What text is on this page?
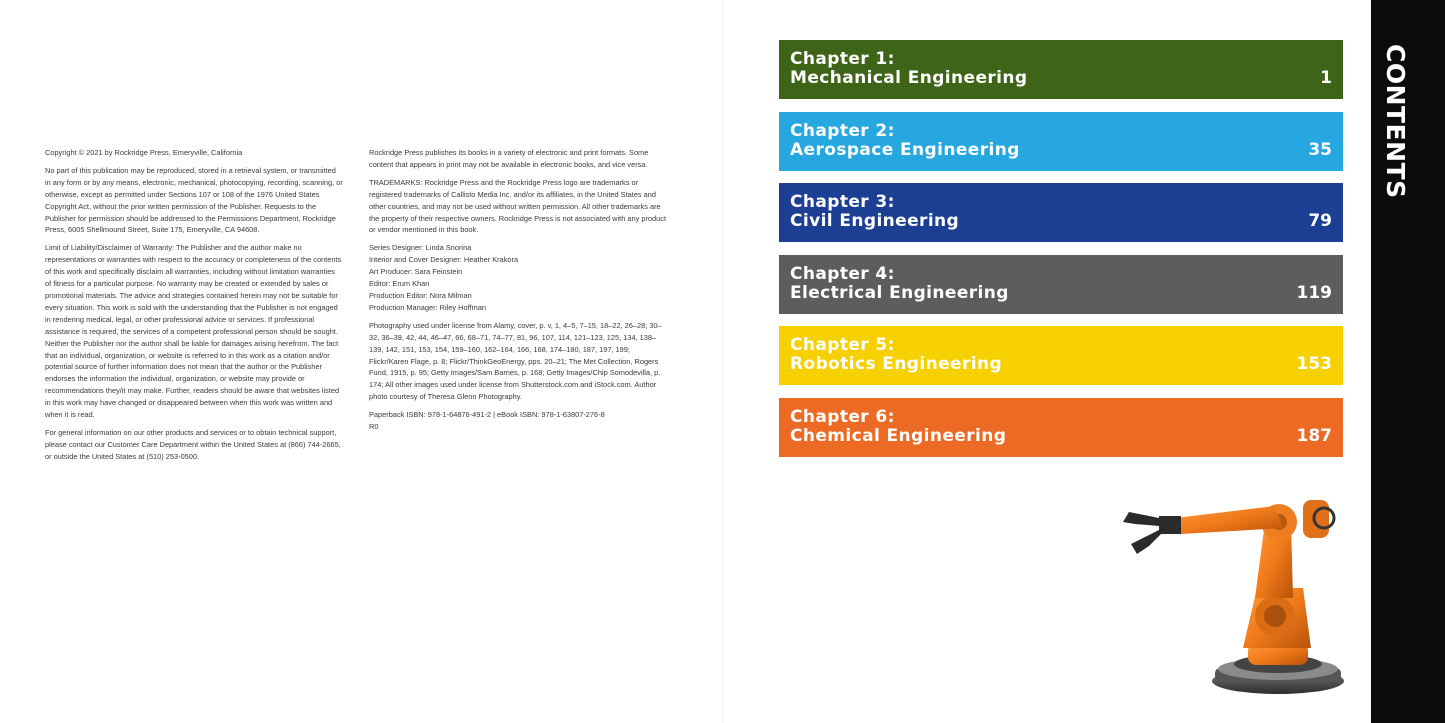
Copyright © 2021 by Rockridge Press, Emeryville, California

No part of this publication may be reproduced, stored in a retrieval system, or transmitted in any form or by any means, electronic, mechanical, photocopying, recording, scanning, or otherwise, except as permitted under Sections 107 or 108 of the 1976 United States Copyright Act, without the prior written permission of the Publisher. Requests to the Publisher for permission should be addressed to the Permissions Department, Rockridge Press, 6005 Shellmound Street, Suite 175, Emeryville, CA 94608.

Limit of Liability/Disclaimer of Warranty: The Publisher and the author make no representations or warranties with respect to the accuracy or completeness of the contents of this work and specifically disclaim all warranties, including without limitation warranties of fitness for a particular purpose. No warranty may be created or extended by sales or promotional materials. The advice and strategies contained herein may not be suitable for every situation. This work is sold with the understanding that the Publisher is not engaged in rendering medical, legal, or other professional advice or services. If professional assistance is required, the services of a competent professional person should be sought. Neither the Publisher nor the author shall be liable for damages arising herefrom. The fact that an individual, organization, or website is referred to in this work as a citation and/or potential source of further information does not mean that the author or the Publisher endorses the information the individual, organization, or website may provide or recommendations they/it may make. Further, readers should be aware that websites listed in this work may have changed or disappeared between when this work was written and when it is read.

For general information on our other products and services or to obtain technical support, please contact our Customer Care Department within the United States at (866) 744-2665, or outside the United States at (510) 253-0500.

Rockridge Press publishes its books in a variety of electronic and print formats. Some content that appears in print may not be available in electronic books, and vice versa.

TRADEMARKS: Rockridge Press and the Rockridge Press logo are trademarks or registered trademarks of Callisto Media Inc. and/or its affiliates, in the United States and other countries, and may not be used without written permission. All other trademarks are the property of their respective owners. Rockridge Press is not associated with any product or vendor mentioned in this book.

Series Designer: Linda Snorina
Interior and Cover Designer: Heather Krakora
Art Producer: Sara Feinstein
Editor: Erum Khan
Production Editor: Nora Milman
Production Manager: Riley Hoffman

Photography used under license from Alamy, cover, p. v, 1, 4–5, 7–15, 18–22, 26–28; 30–32, 36–39, 42, 44, 46–47, 66, 68–71, 74–77, 81, 96, 107, 114, 121–123, 125, 134, 138–139, 142, 151, 153, 154, 159–160, 162–164, 166, 168, 174–180, 187, 197, 199; Flickr/Karen Flage, p. 8; Flickr/ThinkGeoEnergy, pps. 20–21; The Met Collection, Rogers Fund, 1915, p. 95; Getty Images/Sam Barnes, p. 168; Getty Images/Chip Somodevilla, p. 174; All other images used under license from Shutterstock.com and iStock.com. Author photo courtesy of Theresa Glenn Photography.

Paperback ISBN: 978-1-64876-491-2 | eBook ISBN: 978-1-63807-276-8
R0

Chapter 1:
Mechanical Engineering	1
Chapter 2:
Aerospace Engineering	35
Chapter 3:
Civil Engineering	79
Chapter 4:
Electrical Engineering	119
Chapter 5:
Robotics Engineering	153
Chapter 6:
Chemical Engineering	187
CONTENTS
